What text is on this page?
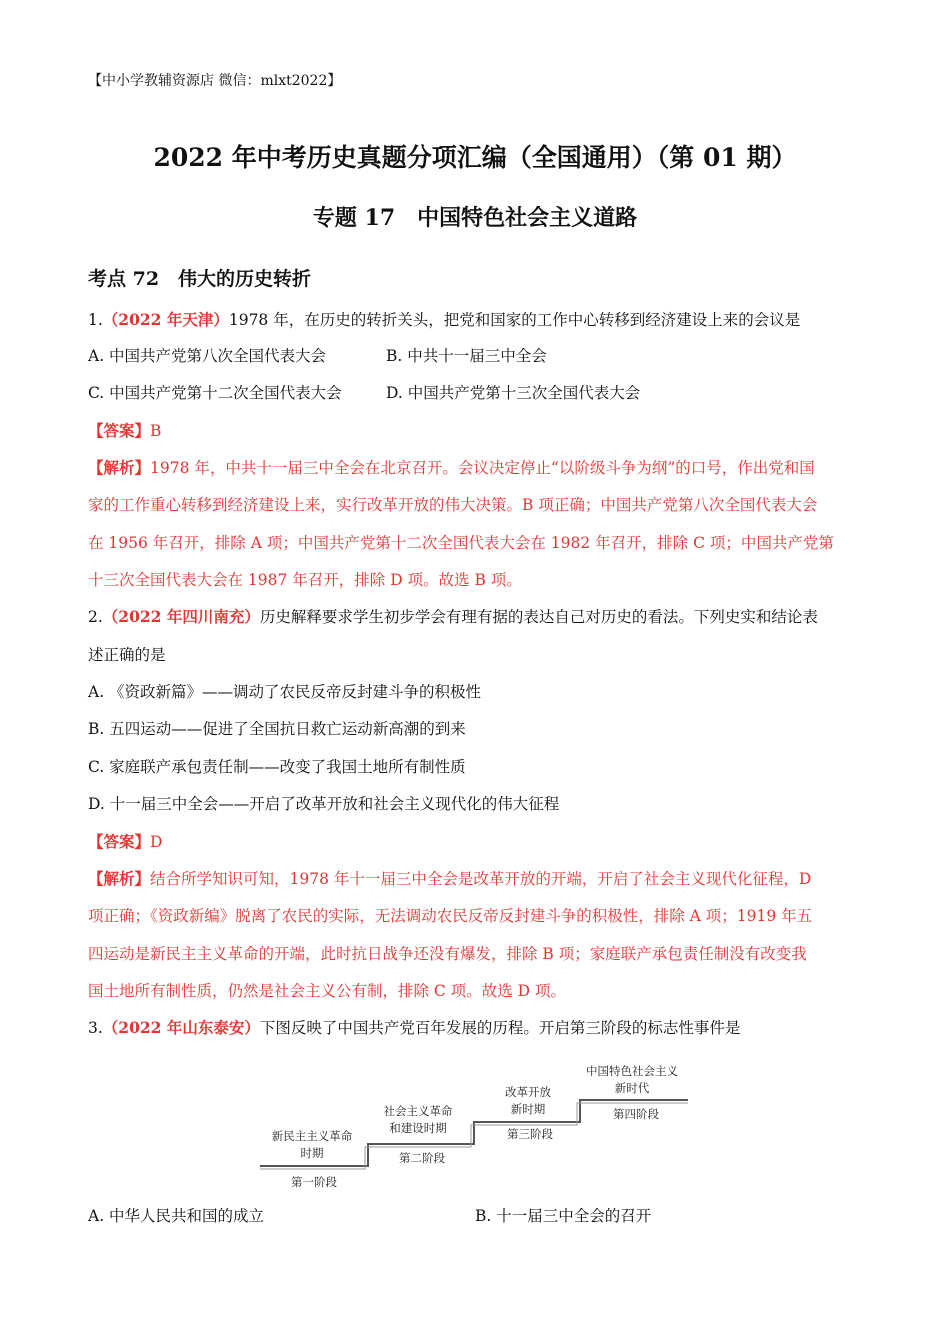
【中小学教辅资源店 微信：mlxt2022】
2022 年中考历史真题分项汇编（全国通用）（第 01 期）
专题 17　中国特色社会主义道路
考点 72　伟大的历史转折
1.（2022 年天津）1978 年，在历史的转折关头，把党和国家的工作中心转移到经济建设上来的会议是
A. 中国共产党第八次全国代表大会	B. 中共十一届三中全会
C. 中国共产党第十二次全国代表大会	D. 中国共产党第十三次全国代表大会
【答案】B
【解析】1978 年，中共十一届三中全会在北京召开。会议决定停止“以阶级斗争为纲”的口号，作出党和国
家的工作重心转移到经济建设上来，实行改革开放的伟大决策。B 项正确；中国共产党第八次全国代表大会
在 1956 年召开，排除 A 项；中国共产党第十二次全国代表大会在 1982 年召开，排除 C 项；中国共产党第
十三次全国代表大会在 1987 年召开，排除 D 项。故选 B 项。
2.（2022 年四川南充）历史解释要求学生初步学会有理有据的表达自己对历史的看法。下列史实和结论表
述正确的是
A. 《资政新篇》——调动了农民反帝反封建斗争的积极性
B. 五四运动——促进了全国抗日救亡运动新高潮的到来
C. 家庭联产承包责任制——改变了我国土地所有制性质
D. 十一届三中全会——开启了改革开放和社会主义现代化的伟大征程
【答案】D
【解析】结合所学知识可知，1978 年十一届三中全会是改革开放的开端，开启了社会主义现代化征程，D
项正确；《资政新编》脱离了农民的实际，无法调动农民反帝反封建斗争的积极性，排除 A 项；1919 年五
四运动是新民主主义革命的开端，此时抗日战争还没有爆发，排除 B 项；家庭联产承包责任制没有改变我
国土地所有制性质，仍然是社会主义公有制，排除 C 项。故选 D 项。
3.（2022 年山东泰安）下图反映了中国共产党百年发展的历程。开启第三阶段的标志性事件是
新民主主义革命
时期
第一阶段
社会主义革命
和建设时期
第二阶段
改革开放
新时期
第三阶段
中国特色社会主义
新时代
第四阶段
A. 中华人民共和国的成立	B. 十一届三中全会的召开
